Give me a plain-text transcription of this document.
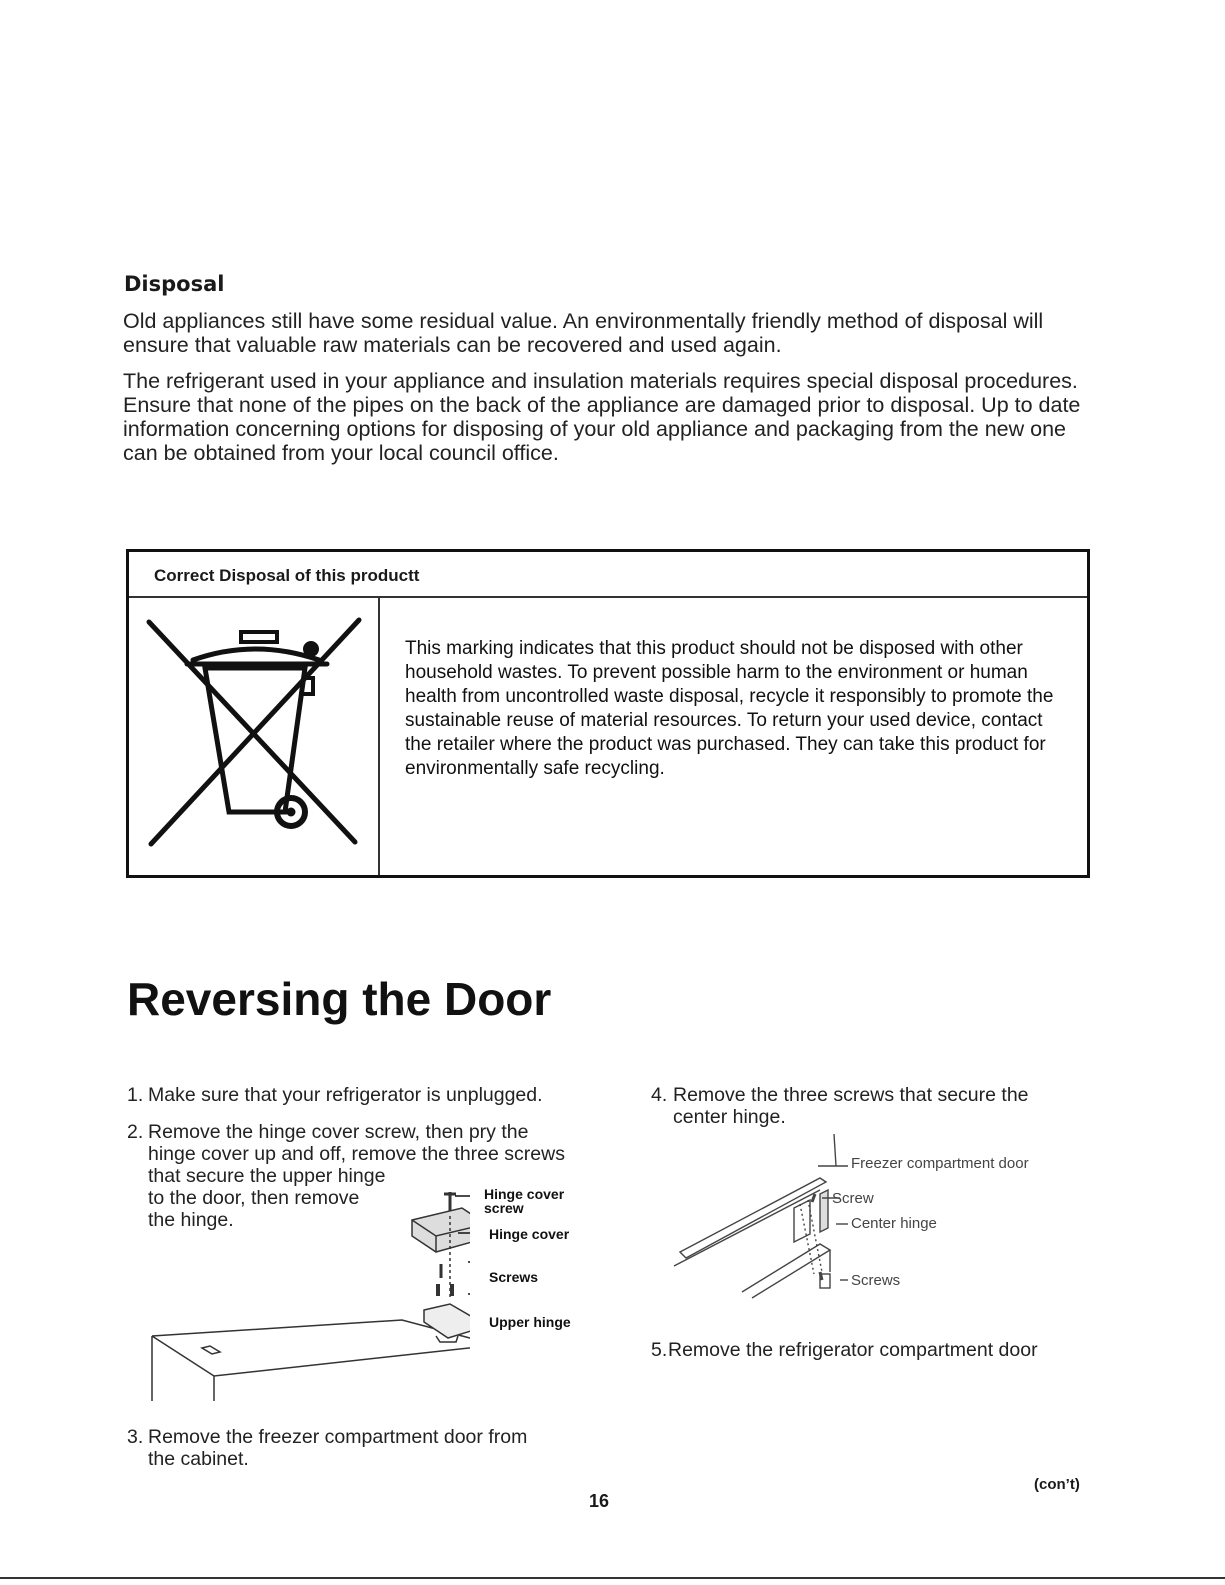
Disposal

Old appliances still have some residual value. An environmentally friendly method of disposal will ensure that valuable raw materials can be recovered and used again.

The refrigerant used in your appliance and insulation materials requires special disposal procedures. Ensure that none of the pipes on the back of the appliance are damaged prior to disposal. Up to date information concerning options for disposing of your old appliance and packaging from the new one can be obtained from your local council office.

Correct Disposal of this productt

This marking indicates that this product should not be disposed with other household wastes. To prevent possible harm to the environment or human health from uncontrolled waste disposal, recycle it responsibly to promote the sustainable reuse of material resources. To return your used device, contact the retailer where the product was purchased. They can take this product for environmentally safe recycling.

Reversing the Door
1. Make sure that your refrigerator is unplugged.
2. Remove the hinge cover screw, then pry the
hinge cover up and off, remove the three screws
that secure the upper hinge
to the door, then remove
the hinge.
Hinge cover
screw
Hinge cover
Screws
Upper hinge
3. Remove the freezer compartment door from
the cabinet.
4. Remove the three screws that secure the
center hinge.
Freezer compartment door
Screw
Center hinge
Screws
5. Remove the refrigerator compartment door
(con’t)
16
